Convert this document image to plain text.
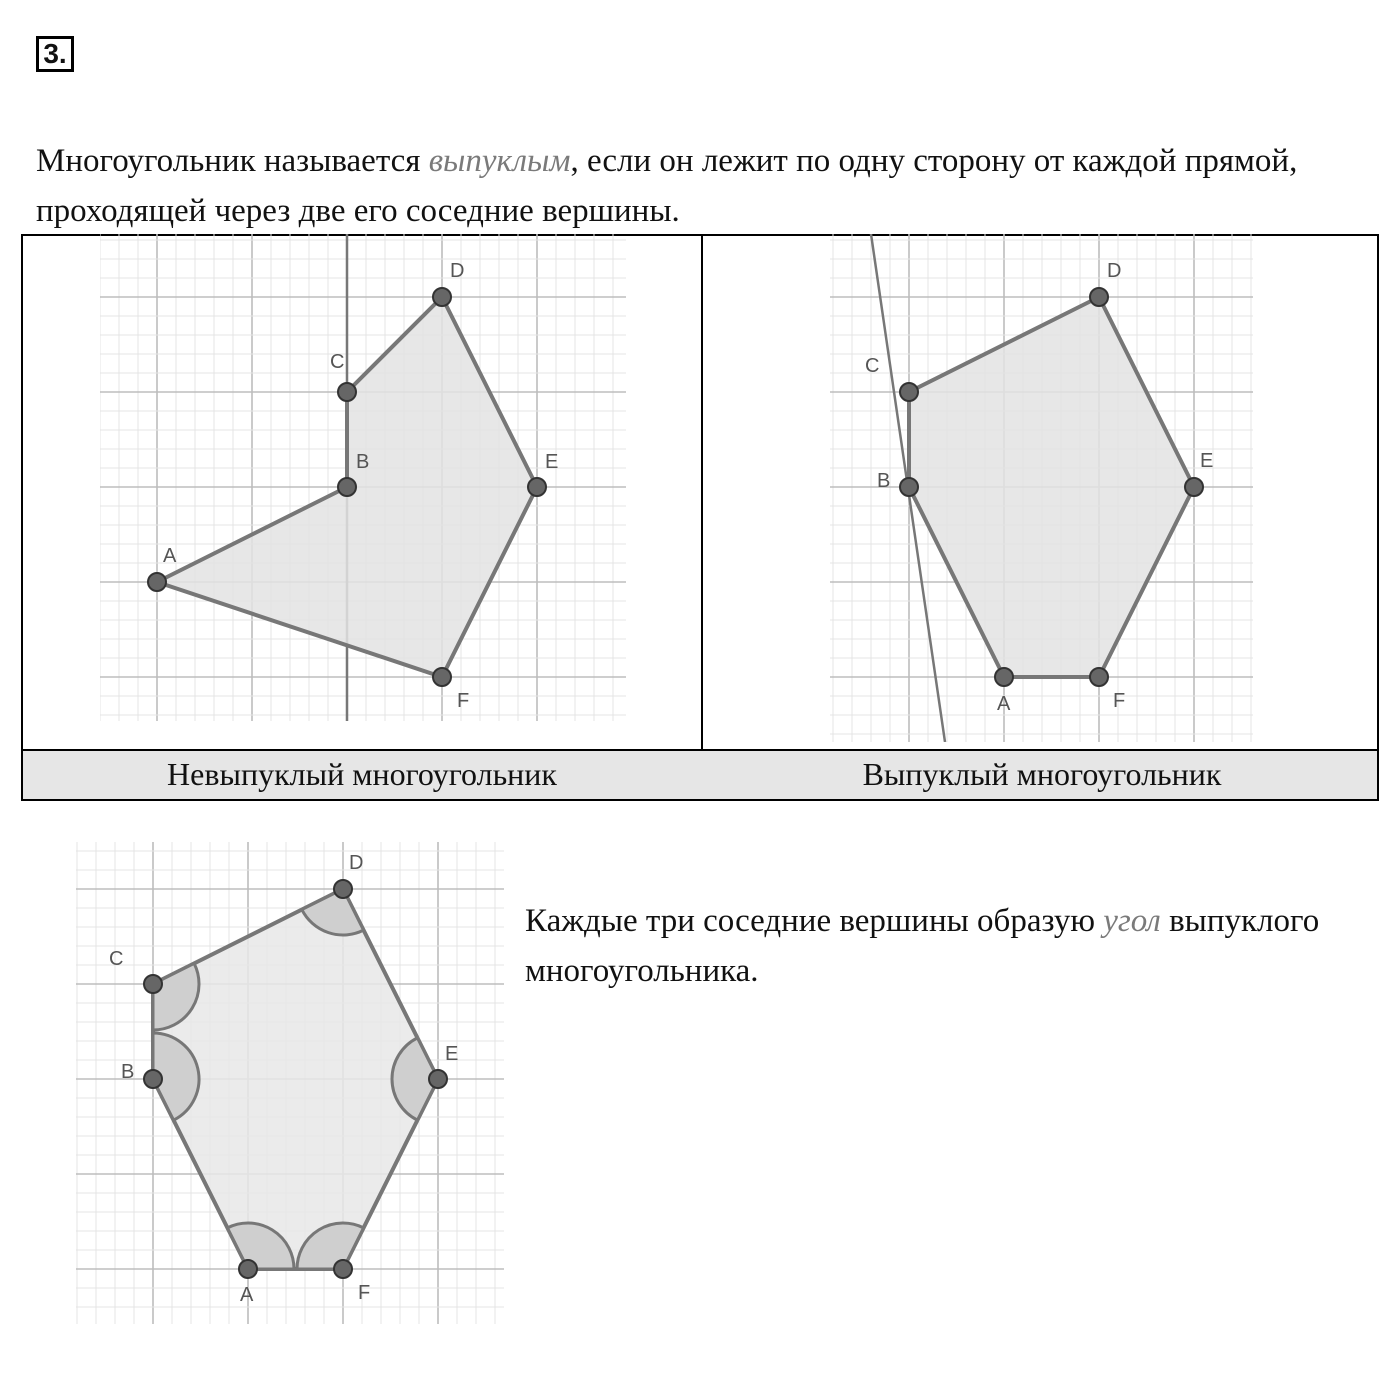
3.

Многоугольник называется выпуклым, если он лежит по одну сторону от каждой прямой, проходящей через две его соседние вершины.

Невыпуклый многоугольник	Выпуклый многоугольник
A
B
C
D
E
F	A
B
C
D
E
F
A
B
C
D
E
F

Каждые три соседние вершины образую угол выпуклого многоугольника.
